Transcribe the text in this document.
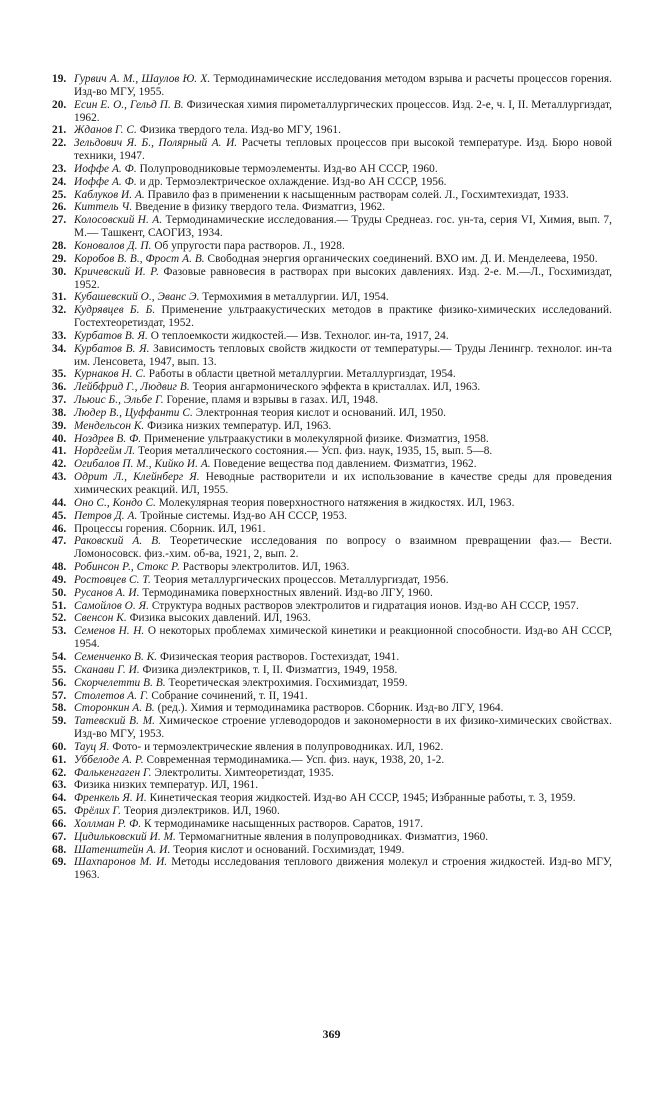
19. Гурвич А. М., Шаулов Ю. Х. Термодинамические исследования методом взрыва и расчеты процессов горения. Изд-во МГУ, 1955.
20. Есин Е. О., Гельд П. В. Физическая химия пирометаллургических процессов. Изд. 2-е, ч. I, II. Металлургиздат, 1962.
21. Жданов Г. С. Физика твердого тела. Изд-во МГУ, 1961.
22. Зельдович Я. Б., Полярный А. И. Расчеты тепловых процессов при высокой температуре. Изд. Бюро новой техники, 1947.
23. Иоффе А. Ф. Полупроводниковые термоэлементы. Изд-во АН СССР, 1960.
24. Иоффе А. Ф. и др. Термоэлектрическое охлаждение. Изд-во АН СССР, 1956.
25. Каблуков И. А. Правило фаз в применении к насыщенным растворам солей. Л., Госхимтехиздат, 1933.
26. Киттель Ч. Введение в физику твердого тела. Физматгиз, 1962.
27. Колосовский Н. А. Термодинамические исследования.— Труды Среднеаз. гос. ун-та, серия VI, Химия, вып. 7, М.— Ташкент, САОГИЗ, 1934.
28. Коновалов Д. П. Об упругости пара растворов. Л., 1928.
29. Коробов В. В., Фрост А. В. Свободная энергия органических соединений. ВХО им. Д. И. Менделеева, 1950.
30. Кричевский И. Р. Фазовые равновесия в растворах при высоких давлениях. Изд. 2-е. М.—Л., Госхимиздат, 1952.
31. Кубашевский О., Эванс Э. Термохимия в металлургии. ИЛ, 1954.
32. Кудрявцев Б. Б. Применение ультраакустических методов в практике физико-химических исследований. Гостехтеоретиздат, 1952.
33. Курбатов В. Я. О теплоемкости жидкостей.— Изв. Технолог. ин-та, 1917, 24.
34. Курбатов В. Я. Зависимость тепловых свойств жидкости от температуры.— Труды Ленингр. технолог. ин-та им. Ленсовета, 1947, вып. 13.
35. Курнаков Н. С. Работы в области цветной металлургии. Металлургиздат, 1954.
36. Лейбфрид Г., Людвиг В. Теория ангармонического эффекта в кристаллах. ИЛ, 1963.
37. Льюис Б., Эльбе Г. Горение, пламя и взрывы в газах. ИЛ, 1948.
38. Людер В., Цуффанти С. Электронная теория кислот и оснований. ИЛ, 1950.
39. Мендельсон К. Физика низких температур. ИЛ, 1963.
40. Ноздрев В. Ф. Применение ультраакустики в молекулярной физике. Физматгиз, 1958.
41. Нордгейм Л. Теория металлического состояния.— Усп. физ. наук, 1935, 15, вып. 5—8.
42. Огибалов П. М., Кийко И. А. Поведение вещества под давлением. Физматгиз, 1962.
43. Одрит Л., Клейнберг Я. Неводные растворители и их использование в качестве среды для проведения химических реакций. ИЛ, 1955.
44. Оно С., Кондо С. Молекулярная теория поверхностного натяжения в жидкостях. ИЛ, 1963.
45. Петров Д. А. Тройные системы. Изд-во АН СССР, 1953.
46. Процессы горения. Сборник. ИЛ, 1961.
47. Раковский А. В. Теоретические исследования по вопросу о взаимном превращении фаз.— Вести. Ломоносовск. физ.-хим. об-ва, 1921, 2, вып. 2.
48. Робинсон Р., Стокс Р. Растворы электролитов. ИЛ, 1963.
49. Ростовцев С. Т. Теория металлургических процессов. Металлургиздат, 1956.
50. Русанов А. И. Термодинамика поверхностных явлений. Изд-во ЛГУ, 1960.
51. Самойлов О. Я. Структура водных растворов электролитов и гидратация ионов. Изд-во АН СССР, 1957.
52. Свенсон К. Физика высоких давлений. ИЛ, 1963.
53. Семенов Н. Н. О некоторых проблемах химической кинетики и реакционной способности. Изд-во АН СССР, 1954.
54. Семенченко В. К. Физическая теория растворов. Гостехиздат, 1941.
55. Сканави Г. И. Физика диэлектриков, т. I, II. Физматгиз, 1949, 1958.
56. Скорчелетти В. В. Теоретическая электрохимия. Госхимиздат, 1959.
57. Столетов А. Г. Собрание сочинений, т. II, 1941.
58. Сторонкин А. В. (ред.). Химия и термодинамика растворов. Сборник. Изд-во ЛГУ, 1964.
59. Татевский В. М. Химическое строение углеводородов и закономерности в их физико-химических свойствах. Изд-во МГУ, 1953.
60. Тауц Я. Фото- и термоэлектрические явления в полупроводниках. ИЛ, 1962.
61. Уббелоде А. Р. Современная термодинамика.— Усп. физ. наук, 1938, 20, 1-2.
62. Фалькенгаген Г. Электролиты. Химтеоретиздат, 1935.
63. Физика низких температур. ИЛ, 1961.
64. Френкель Я. И. Кинетическая теория жидкостей. Изд-во АН СССР, 1945; Избранные работы, т. 3, 1959.
65. Фрёлих Г. Теория диэлектриков. ИЛ, 1960.
66. Холлман Р. Ф. К термодинамике насыщенных растворов. Саратов, 1917.
67. Цидильковский И. М. Термомагнитные явления в полупроводниках. Физматгиз, 1960.
68. Шатенштейн А. И. Теория кислот и оснований. Госхимиздат, 1949.
69. Шахпаронов М. И. Методы исследования теплового движения молекул и строения жидкостей. Изд-во МГУ, 1963.
369
